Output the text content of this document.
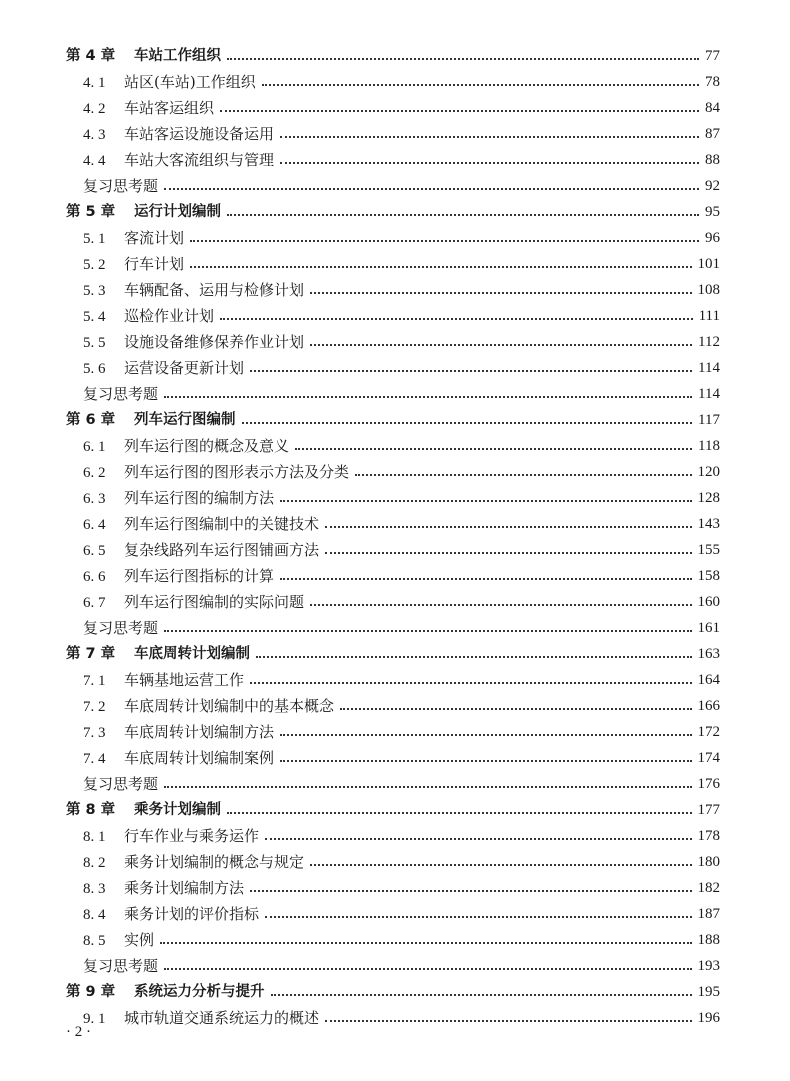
第 4 章 车站工作组织	77
4. 1 站区(车站)工作组织	78
4. 2 车站客运组织	84
4. 3 车站客运设施设备运用	87
4. 4 车站大客流组织与管理	88
复习思考题	92
第 5 章 运行计划编制	95
5. 1 客流计划	96
5. 2 行车计划	101
5. 3 车辆配备、运用与检修计划	108
5. 4 巡检作业计划	111
5. 5 设施设备维修保养作业计划	112
5. 6 运营设备更新计划	114
复习思考题	114
第 6 章 列车运行图编制	117
6. 1 列车运行图的概念及意义	118
6. 2 列车运行图的图形表示方法及分类	120
6. 3 列车运行图的编制方法	128
6. 4 列车运行图编制中的关键技术	143
6. 5 复杂线路列车运行图铺画方法	155
6. 6 列车运行图指标的计算	158
6. 7 列车运行图编制的实际问题	160
复习思考题	161
第 7 章 车底周转计划编制	163
7. 1 车辆基地运营工作	164
7. 2 车底周转计划编制中的基本概念	166
7. 3 车底周转计划编制方法	172
7. 4 车底周转计划编制案例	174
复习思考题	176
第 8 章 乘务计划编制	177
8. 1 行车作业与乘务运作	178
8. 2 乘务计划编制的概念与规定	180
8. 3 乘务计划编制方法	182
8. 4 乘务计划的评价指标	187
8. 5 实例	188
复习思考题	193
第 9 章 系统运力分析与提升	195
9. 1 城市轨道交通系统运力的概述	196
· 2 ·
